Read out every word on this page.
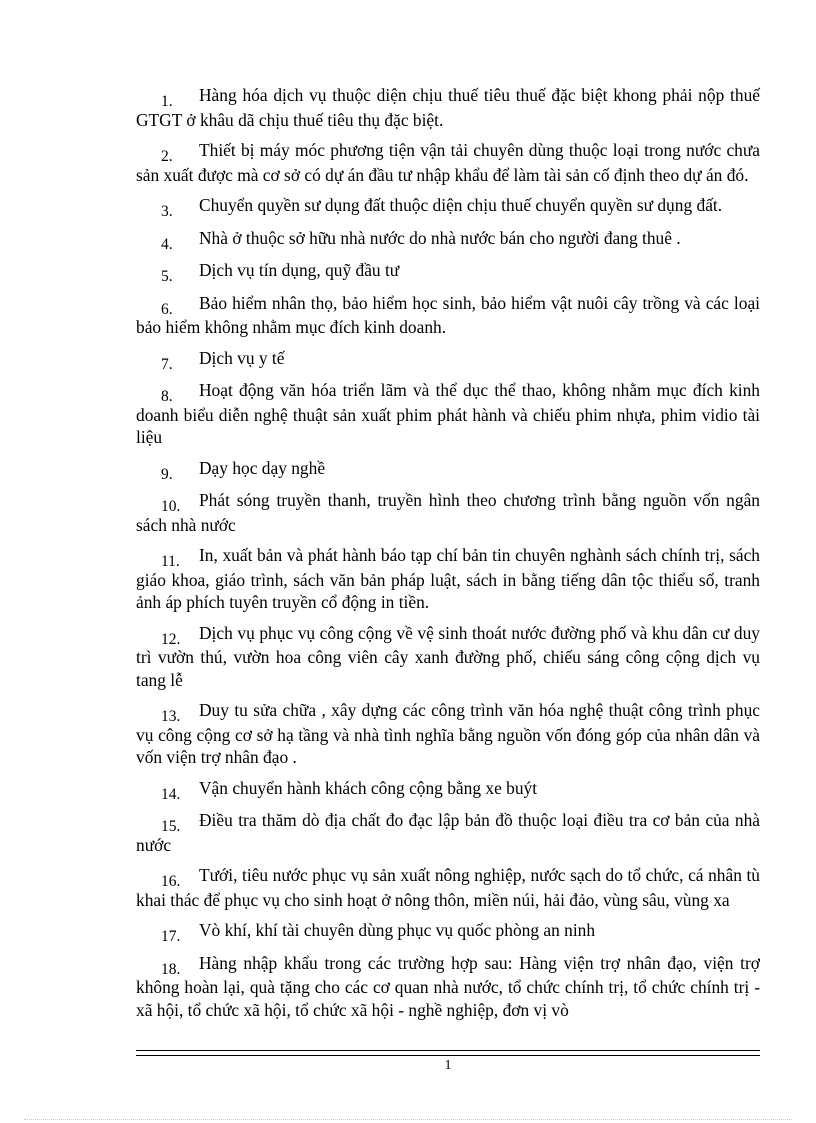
1. Hàng hóa dịch vụ thuộc diện chịu thuế tiêu thuế đặc biệt khong phải nộp thuế GTGT ở khâu dã chịu thuế tiêu thụ đặc biệt.

2. Thiết bị máy móc phương tiện vận tải chuyên dùng thuộc loại trong nước chưa sản xuất được mà cơ sở có dự án đầu tư nhập khẩu để làm tài sản cố định theo dự án đó.

3. Chuyển quyền sư dụng đất thuộc diện chịu thuế chuyển quyền sư dụng đất.

4. Nhà ở thuộc sở hữu nhà nước do nhà nước bán cho người đang thuê .

5. Dịch vụ tín dụng, quỹ đầu tư

6. Bảo hiểm nhân thọ, bảo hiểm học sinh, bảo hiểm vật nuôi cây trồng và các loại bảo hiểm không nhằm mục đích kinh doanh.

7. Dịch vụ y tế

8. Hoạt động văn hóa triển lãm và thể dục thể thao, không nhằm mục đích kinh doanh biểu diễn nghệ thuật sản xuất phim phát hành và chiếu phim nhựa, phim vidio tài liệu

9. Dạy học dạy nghề

10. Phát sóng truyền thanh, truyền hình theo chương trình bằng nguồn vốn ngân sách nhà nước

11. In, xuất bản và phát hành báo tạp chí bản tin chuyên nghành sách chính trị, sách giáo khoa, giáo trình, sách văn bản pháp luật, sách in bằng tiếng dân tộc thiểu số, tranh ảnh áp phích tuyên truyền cổ động in tiền.

12. Dịch vụ phục vụ công cộng về vệ sinh thoát nước đường phố và khu dân cư duy trì vườn thú, vườn hoa công viên cây xanh đường phố, chiếu sáng công cộng dịch vụ tang lễ

13. Duy tu sửa chữa , xây dựng các công trình văn hóa nghệ thuật công trình phục vụ công cộng cơ sở hạ tầng và nhà tình nghĩa bằng nguồn vốn đóng góp của nhân dân và vốn viện trợ nhân đạo .

14. Vận chuyển hành khách công cộng bằng xe buýt

15. Điều tra thăm dò địa chất đo đạc lập bản đồ thuộc loại điều tra cơ bản của nhà nước

16. Tưới, tiêu nước phục vụ sản xuất nông nghiệp, nước sạch do tổ chức, cá nhân tù khai thác để phục vụ cho sinh hoạt ở nông thôn, miền núi, hải đảo, vùng sâu, vùng xa

17. Vò khí, khí tài chuyên dùng phục vụ quốc phòng an ninh

18. Hàng nhập khẩu trong các trường hợp sau: Hàng viện trợ nhân đạo, viện trợ không hoàn lại, quà tặng cho các cơ quan nhà nước, tổ chức chính trị, tổ chức chính trị - xã hội, tổ chức xã hội, tổ chức xã hội - nghề nghiệp, đơn vị vò

1
